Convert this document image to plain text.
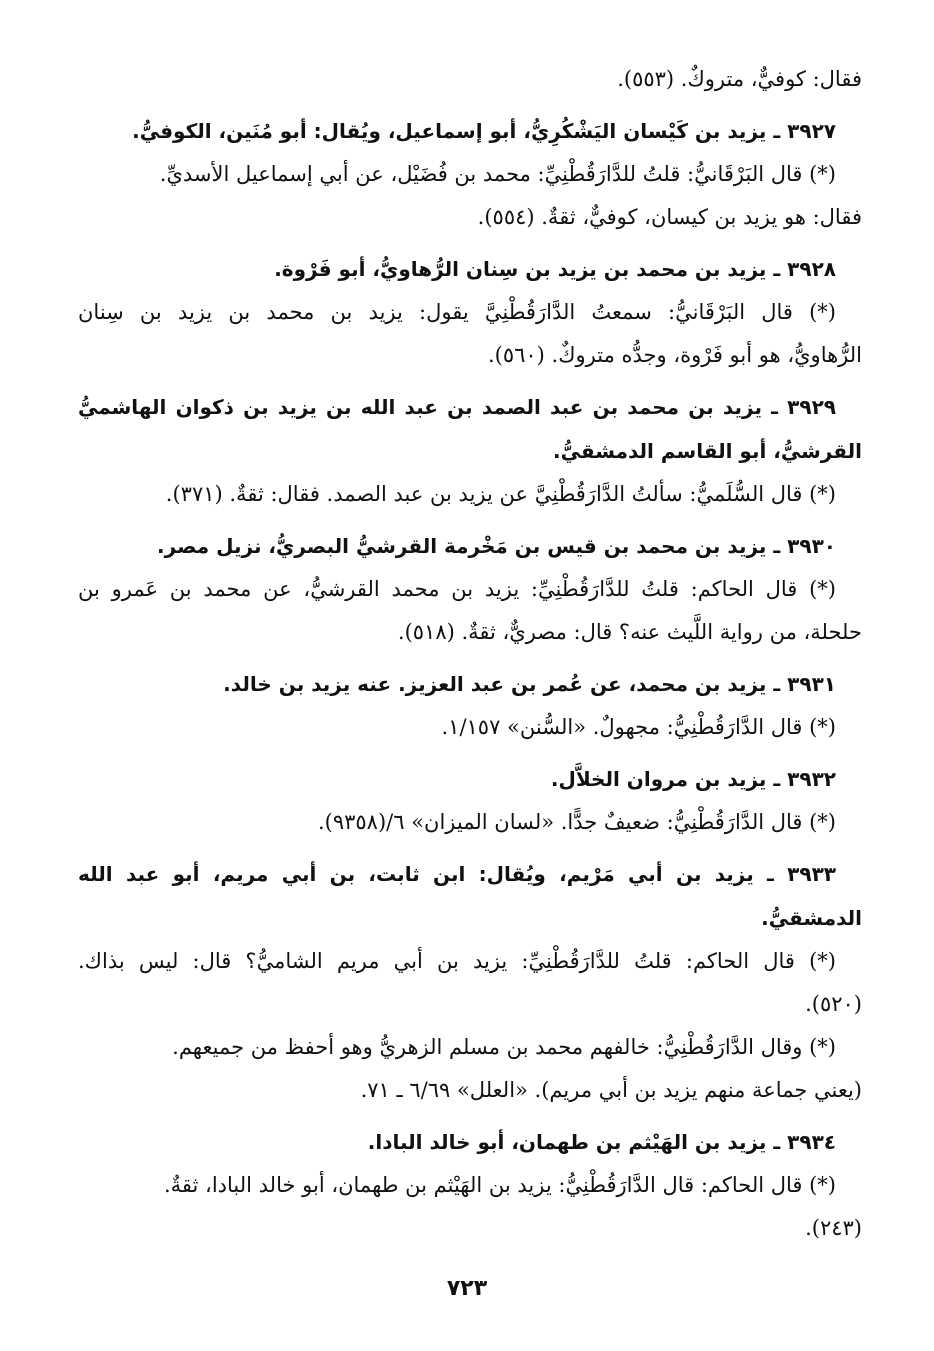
فقال: كوفيٌّ، متروكٌ. (٥٥٣).
٣٩٢٧ ـ يزيد بن كَيْسان اليَشْكُرِيُّ، أبو إسماعيل، ويُقال: أبو مُنَين، الكوفيُّ.
(*) قال البَرْقَانيُّ: قلتُ للدَّارَقُطْنِيِّ: محمد بن فُضَيْل، عن أبي إسماعيل الأسديِّ.
فقال: هو يزيد بن كيسان، كوفيٌّ، ثقةٌ. (٥٥٤).
٣٩٢٨ ـ يزيد بن محمد بن يزيد بن سِنان الرُّهاويُّ، أبو فَرْوة.
(*) قال البَرْقَانيُّ: سمعتُ الدَّارَقُطْنِيَّ يقول: يزيد بن محمد بن يزيد بن سِنان
الرُّهاويُّ، هو أبو فَرْوة، وجدُّه متروكٌ. (٥٦٠).
٣٩٢٩ ـ يزيد بن محمد بن عبد الصمد بن عبد الله بن يزيد بن ذكوان الهاشميُّ
القرشيُّ، أبو القاسم الدمشقيُّ.
(*) قال السُّلَميُّ: سألتُ الدَّارَقُطْنِيَّ عن يزيد بن عبد الصمد. فقال: ثقةٌ. (٣٧١).
٣٩٣٠ ـ يزيد بن محمد بن قيس بن مَخْرمة القرشيُّ البصريُّ، نزيل مصر.
(*) قال الحاكم: قلتُ للدَّارَقُطْنِيِّ: يزيد بن محمد القرشيُّ، عن محمد بن عَمرو بن
حلحلة، من رواية اللَّيث عنه؟ قال: مصريٌّ، ثقةٌ. (٥١٨).
٣٩٣١ ـ يزيد بن محمد، عن عُمر بن عبد العزيز. عنه يزيد بن خالد.
(*) قال الدَّارَقُطْنِيُّ: مجهولٌ. «السُّنن» ١/١٥٧.
٣٩٣٢ ـ يزيد بن مروان الخلاَّل.
(*) قال الدَّارَقُطْنِيُّ: ضعيفٌ جدًّا. «لسان الميزان» ٦/(٩٣٥٨).
٣٩٣٣ ـ يزيد بن أبي مَرْيم، ويُقال: ابن ثابت، بن أبي مريم، أبو عبد الله
الدمشقيُّ.
(*) قال الحاكم: قلتُ للدَّارَقُطْنِيِّ: يزيد بن أبي مريم الشاميُّ؟ قال: ليس بذاك.
(٥٢٠).
(*) وقال الدَّارَقُطْنِيُّ: خالفهم محمد بن مسلم الزهريُّ وهو أحفظ من جميعهم.
(يعني جماعة منهم يزيد بن أبي مريم). «العلل» ٦/٦٩ ـ ٧١.
٣٩٣٤ ـ يزيد بن الهَيْثم بن طهمان، أبو خالد البادا.
(*) قال الحاكم: قال الدَّارَقُطْنِيُّ: يزيد بن الهَيْثم بن طهمان، أبو خالد البادا، ثقةٌ.
(٢٤٣).
٧٢٣
